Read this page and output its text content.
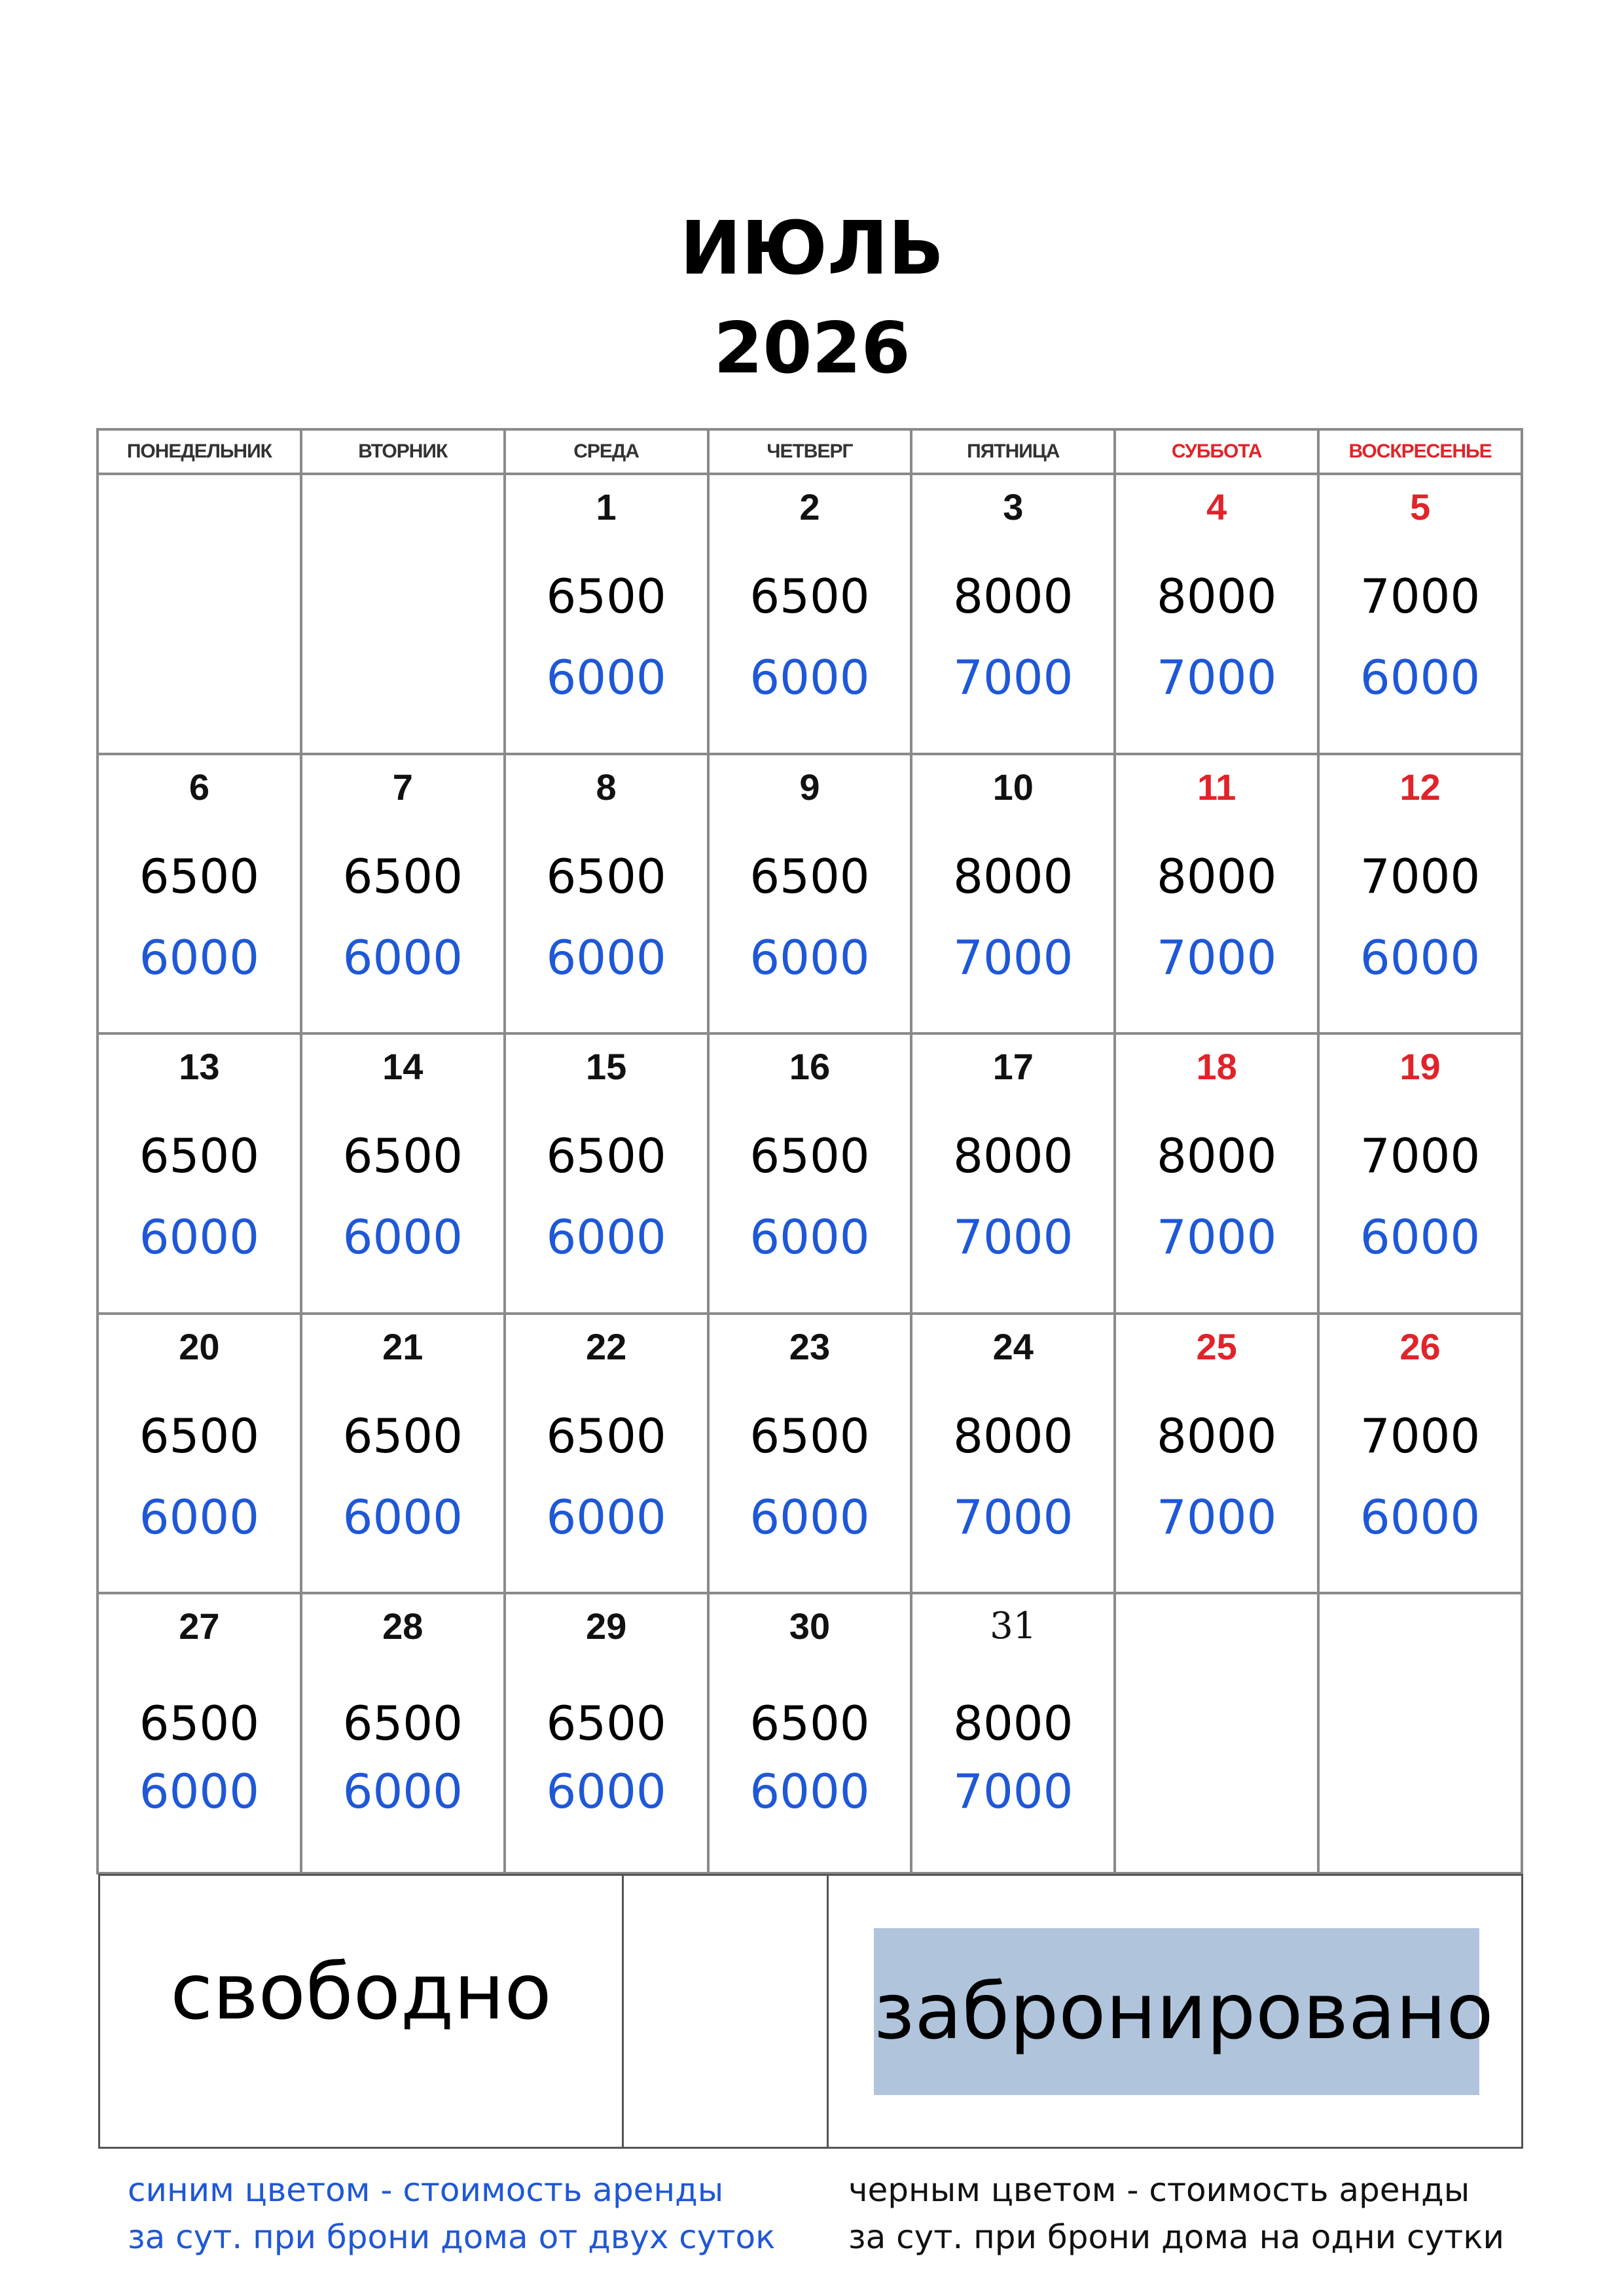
ИЮЛЬ
2026
ПОНЕДЕЛЬНИК	ВТОРНИК	СРЕДА	ЧЕТВЕРГ	ПЯТНИЦА	СУББОТА	ВОСКРЕСЕНЬЕ

		1
6500
6000	2
6500
6000	3
8000
7000	4
8000
7000	5
7000
6000

6
6500
6000	7
6500
6000	8
6500
6000	9
6500
6000	10
8000
7000	11
8000
7000	12
7000
6000

13
6500
6000	14
6500
6000	15
6500
6000	16
6500
6000	17
8000
7000	18
8000
7000	19
7000
6000

20
6500
6000	21
6500
6000	22
6500
6000	23
6500
6000	24
8000
7000	25
8000
7000	26
7000
6000

27
6500
6000	28
6500
6000	29
6500
6000	30
6500
6000	31
8000
7000		

свободно		забронировано
синим цветом - стоимость аренды
за сут. при брони дома от двух суток
черным цветом - стоимость аренды
за сут. при брони дома на одни сутки
